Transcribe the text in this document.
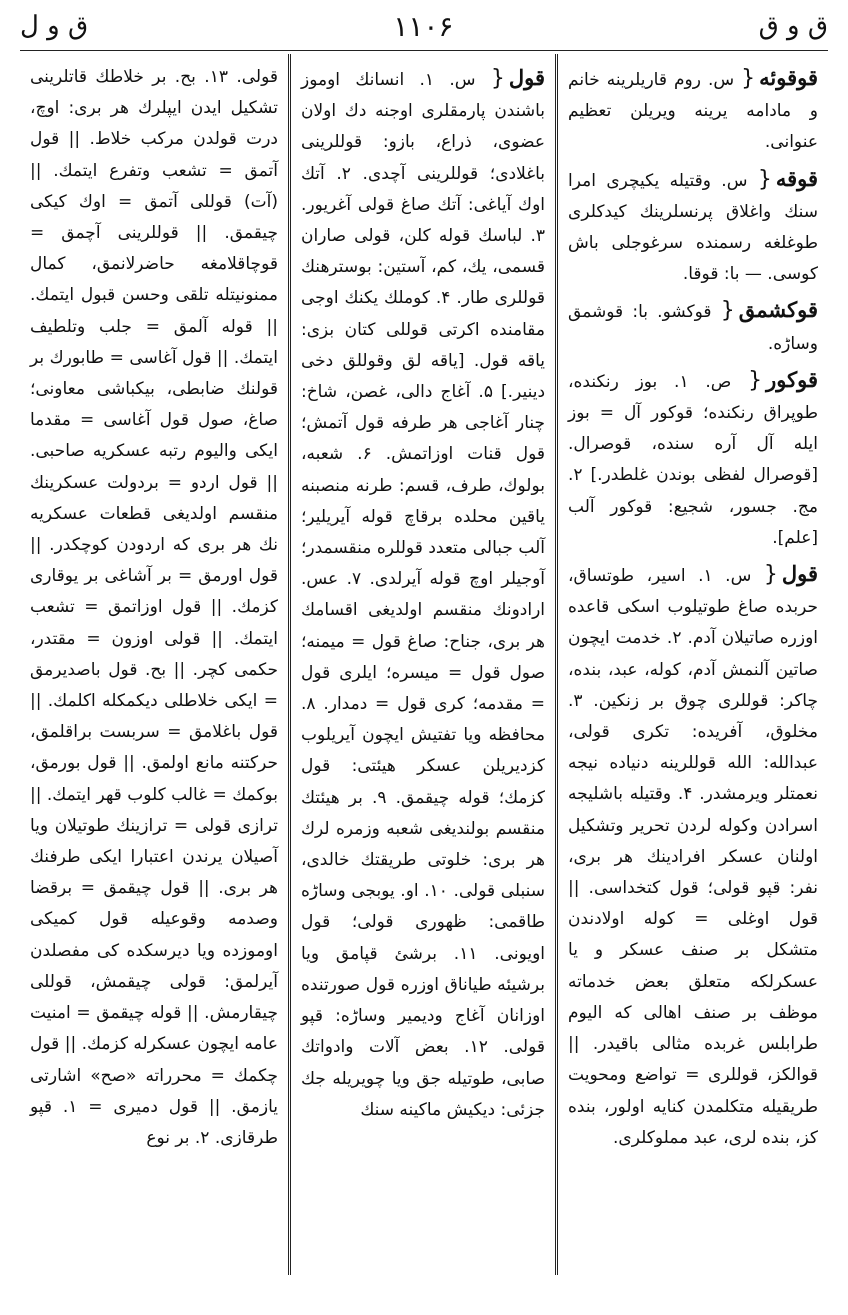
ق و ق
۱۱۰۶
ق و ل

قوقوئه{ س. روم قاريلرينه خانم و مادامه يرينه ويريلن تعظيم عنوانى.

قوقه{ س. وقتيله يكيچرى امرا سنك واغلاق پرنسلرينك كيدكلرى طوغلغه رسمنده سرغوجلى باش كوسى. — با: قوقا.

قوكشمق{ قوكشو. با: قوشمق وساڑه.

قوكور{ ص. ۱. بوز رنكنده، طوپراق رنكنده؛ قوكور آل = بوز ايله آل آره سنده، قوصرال. [قوصرال لفظى بوندن غلطدر.] ۲. مج. جسور، شجيع: قوكور آلب [علم].

قول{ س. ۱. اسير، طوتساق، حربده صاغ طوتيلوب اسكى قاعده اوزره صاتيلان آدم. ۲. خدمت ايچون صاتين آلنمش آدم، كوله، عبد، بنده، چاكر: قوللرى چوق بر زنكين. ۳. مخلوق، آفريده: تكرى قولى، عبدالله: الله قوللرينه دنياده نيجه نعمتلر ويرمشدر. ۴. وقتيله باشليجه اسرادن وكوله لردن تحرير وتشكيل اولنان عسكر افرادينك هر برى، نفر: قپو قولى؛ قول كتخداسى. || قول اوغلى = كوله اولادندن متشكل بر صنف عسكر و يا عسكرلكه متعلق بعض خدماته موظف بر صنف اهالى كه اليوم طرابلس غربده مثالى باقيدر. || قوالكز، قوللرى = تواضع ومحويت طريقيله متكلمدن كنايه اولور، بنده كز، بنده لرى، عبد مملوكلرى.

قول{ س. ۱. انسانك اوموز باشندن پارمقلرى اوجنه دك اولان عضوى، ذراع، بازو: قوللرينى باغلادى؛ قوللرينى آچدى. ۲. آتك اوك آياغى: آتك صاغ قولى آغريور. ۳. لباسك قوله كلن، قولى صاران قسمى، يك، كم، آستين: بوسترهنك قوللرى طار. ۴. كوملك يكنك اوجى مقامنده اكرتى قوللى كتان بزى: ياقه قول. [ياقه لق وقوللق دخى دينير.] ۵. آغاج دالى، غصن، شاخ: چنار آغاجى هر طرفه قول آتمش؛ قول قنات اوزاتمش. ۶. شعبه، بولوك، طرف، قسم: طرنه منصبنه ياقين محلده برقاچ قوله آيريلير؛ آلب جبالى متعدد قوللره منقسمدر؛ آوجيلر اوچ قوله آيرلدى. ۷. عس. ارادونك منقسم اولديغى اقسامك هر برى، جناح: صاغ قول = ميمنه؛ صول قول = ميسره؛ ايلرى قول = مقدمه؛ كرى قول = دمدار. ۸. محافظه ويا تفتيش ايچون آيريلوب كزديريلن عسكر هيئتى: قول كزمك؛ قوله چيقمق. ۹. بر هيئتك منقسم بولنديغى شعبه وزمره لرك هر برى: خلوتى طريقتك خالدى، سنبلى قولى. ۱۰. او. يوبجى وساڑه طاقمى: ظهورى قولى؛ قول اويونى. ۱۱. برشئ قپامق ويا برشيئه طياناق اوزره قول صورتنده اوزانان آغاج وديمير وساڑه: قپو قولى. ۱۲. بعض آلات وادواتك صابى، طوتيله جق ويا چويريله جك جزئى: ديكيش ماكينه سنك

قولى. ۱۳. بح. بر خلاطك قاتلرينى تشكيل ايدن ايپلرك هر برى: اوچ، درت قولدن مركب خلاط. || قول آتمق = تشعب وتفرع ايتمك. || (آت) قوللى آتمق = اوك كيكى چيقمق. || قوللرينى آچمق = قوچاقلامغه حاضرلانمق، كمال ممنونيتله تلقى وحسن قبول ايتمك. || قوله آلمق = جلب وتلطيف ايتمك. || قول آغاسى = طابورك بر قولنك ضابطى، بيكباشى معاونى؛ صاغ، صول قول آغاسى = مقدما ايكى واليوم رتبه عسكريه صاحبى. || قول اردو = بردولت عسكرينك منقسم اولديغى قطعات عسكريه نك هر برى كه اردودن كوچكدر. || قول اورمق = بر آشاغى بر يوقارى كزمك. || قول اوزاتمق = تشعب ايتمك. || قولى اوزون = مقتدر، حكمى كچر. || بح. قول باصديرمق = ايكى خلاطلى ديكمكله اكلمك. || قول باغلامق = سربست براقلمق، حركتنه مانع اولمق. || قول بورمق، بوكمك = غالب كلوب قهر ايتمك. || ترازى قولى = ترازينك طوتيلان ويا آصيلان يرندن اعتبارا ايكى طرفنك هر برى. || قول چيقمق = برقضا وصدمه وقوعيله قول كميكى اوموزده ويا ديرسكده كى مفصلدن آيرلمق: قولى چيقمش، قوللى چيقارمش. || قوله چيقمق = امنيت عامه ايچون عسكرله كزمك. || قول چكمك = محرراته «صح» اشارتى يازمق. || قول دميرى = ۱. قپو طرقازى. ۲. بر نوع
